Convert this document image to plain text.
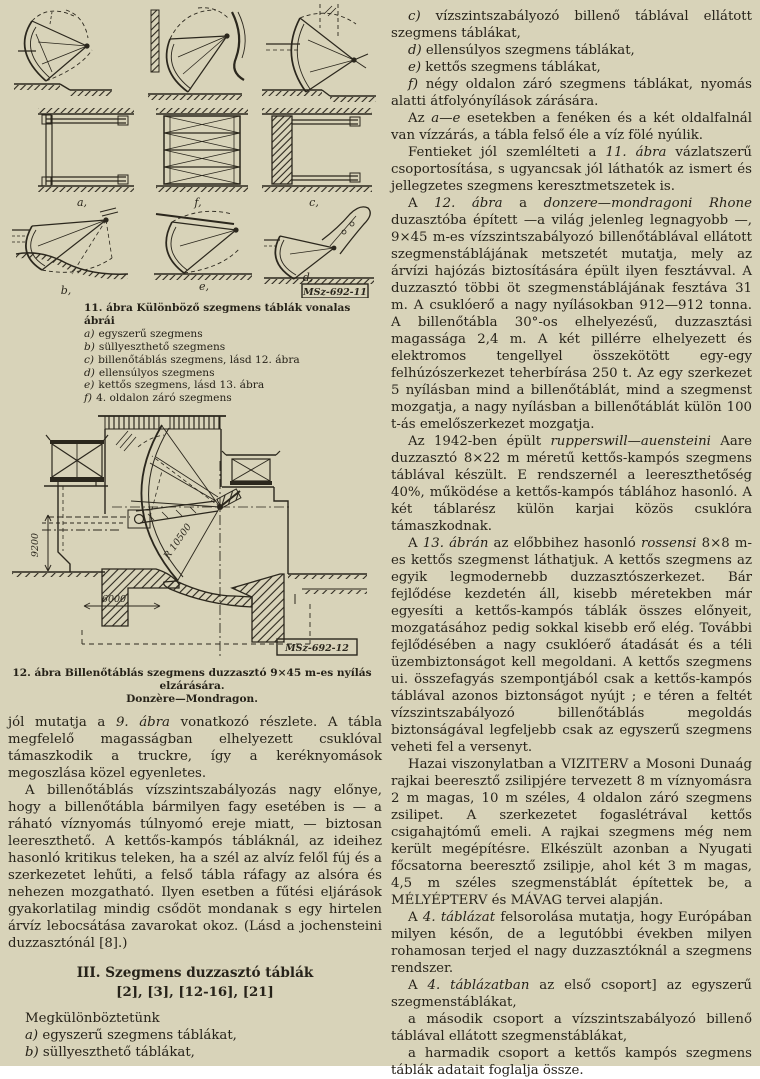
a,	f,	c,
b,	e,
d,
MSz-692-11
11. ábra Különböző szegmens táblák vonalas ábrái
a) egyszerű szegmens
b) süllyeszthető szegmens
c) billenőtáblás szegmens, lásd 12. ábra
d) ellensúlyos szegmens
e) kettős szegmens, lásd 13. ábra
f) 4. oldalon záró szegmens
9200
6000
R 10500
MSz-692-12
12. ábra Billenőtáblás szegmens duzzasztó 9×45 m-es nyílás elzárására.
Donzère—Mondragon.

jól mutatja a 9. ábra vonatkozó részlete. A tábla megfelelő magasságban elhelyezett csuklóval támaszkodik a truckre, így a keréknyomások megoszlása közel egyenletes.

A billenőtáblás vízszintszabályozás nagy előnye, hogy a billenőtábla bármilyen fagy esetében is — a ráható víznyomás túlnyomó ereje miatt, — biztosan leereszthető. A kettős-kampós tábláknál, az ideihez hasonló kritikus teleken, ha a szél az alvíz felől fúj és a szerkezetet lehűti, a felső tábla ráfagy az alsóra és nehezen mozgatható. Ilyen esetben a fűtési eljárások gyakorlatilag mindig csődöt mondanak s egy hirtelen árvíz lebocsátása zavarokat okoz. (Lásd a jochensteini duzzasztónál [8].)

III. Szegmens duzzasztó táblák

[2], [3], [12-16], [21]

Megkülönböztetünk

a) egyszerű szegmens táblákat,

b) süllyeszthető táblákat,

c) vízszintszabályozó billenő táblával ellátott szegmens táblákat,

d) ellensúlyos szegmens táblákat,

e) kettős szegmens táblákat,

f) négy oldalon záró szegmens táblákat, nyomás alatti átfolyónyílások zárására.

Az a—e esetekben a fenéken és a két oldalfalnál van vízzárás, a tábla felső éle a víz fölé nyúlik.

Fentieket jól szemlélteti a 11. ábra vázlatszerű csoportosítása, s ugyancsak jól láthatók az ismert és jellegzetes szegmens keresztmetszetek is.

A 12. ábra a donzere—mondragoni Rhone duzasztóba épített —a világ jelenleg legnagyobb —, 9×45 m-es vízszintszabályozó billenőtáblával ellátott szegmenstáblájának metszetét mutatja, mely az árvízi hajózás biztosítására épült ilyen fesztávval. A duzzasztó többi öt szegmenstáblájának fesztáva 31 m. A csuklóerő a nagy nyílásokban 912—912 tonna. A billenőtábla 30°-os elhelyezésű, duzzasztási magassága 2,4 m. A két pillérre elhelyezett és elektromos tengellyel összekötött egy-egy felhúzószerkezet teherbírása 250 t. Az egy szerkezet 5 nyílásban mind a billenőtáblát, mind a szegmenst mozgatja, a nagy nyílásban a billenőtáblát külön 100 t-ás emelőszerkezet mozgatja.

Az 1942-ben épült rupperswill—auensteini Aare duzzasztó 8×22 m méretű kettős-kampós szegmens táblával készült. E rendszernél a leereszthetőség 40%, működése a kettős-kampós táblához hasonló. A két táblarész külön karjai közös csuklóra támaszkodnak.

A 13. ábrán az előbbihez hasonló rossensi 8×8 m-es kettős szegmenst láthatjuk. A kettős szegmens az egyik legmodernebb duzzasztószerkezet. Bár fejlődése kezdetén áll, kisebb méretekben már egyesíti a kettős-kampós táblák összes előnyeit, mozgatásához pedig sokkal kisebb erő elég. További fejlődésében a nagy csuklóerő átadását és a téli üzembiztonságot kell megoldani. A kettős szegmens ui. összefagyás szempontjából csak a kettős-kampós táblával azonos biztonságot nyújt ; e téren a feltét vízszintszabályozó billenőtáblás megoldás biztonságával legfeljebb csak az egyszerű szegmens veheti fel a versenyt.

Hazai viszonylatban a VIZITERV a Mosoni Dunaág rajkai beeresztő zsilipjére tervezett 8 m víznyomásra 2 m magas, 10 m széles, 4 oldalon záró szegmens zsilipet. A szerkezetet fogaslétrával kettős csigahajtómű emeli. A rajkai szegmens még nem került megépítésre. Elkészült azonban a Nyugati főcsatorna beeresztő zsilipje, ahol két 3 m magas, 4,5 m széles szegmenstáblát építettek be, a MÉLYÉPTERV és MÁVAG tervei alapján.

A 4. táblázat felsorolása mutatja, hogy Európában milyen későn, de a legutóbbi években milyen rohamosan terjed el nagy duzzasztóknál a szegmens rendszer.

A 4. táblázatban az első csoport] az egyszerű szegmenstáblákat,

a második csoport a vízszintszabályozó billenő táblával ellátott szegmenstáblákat,

a harmadik csoport a kettős kampós szegmens táblák adatait foglalja össze.
